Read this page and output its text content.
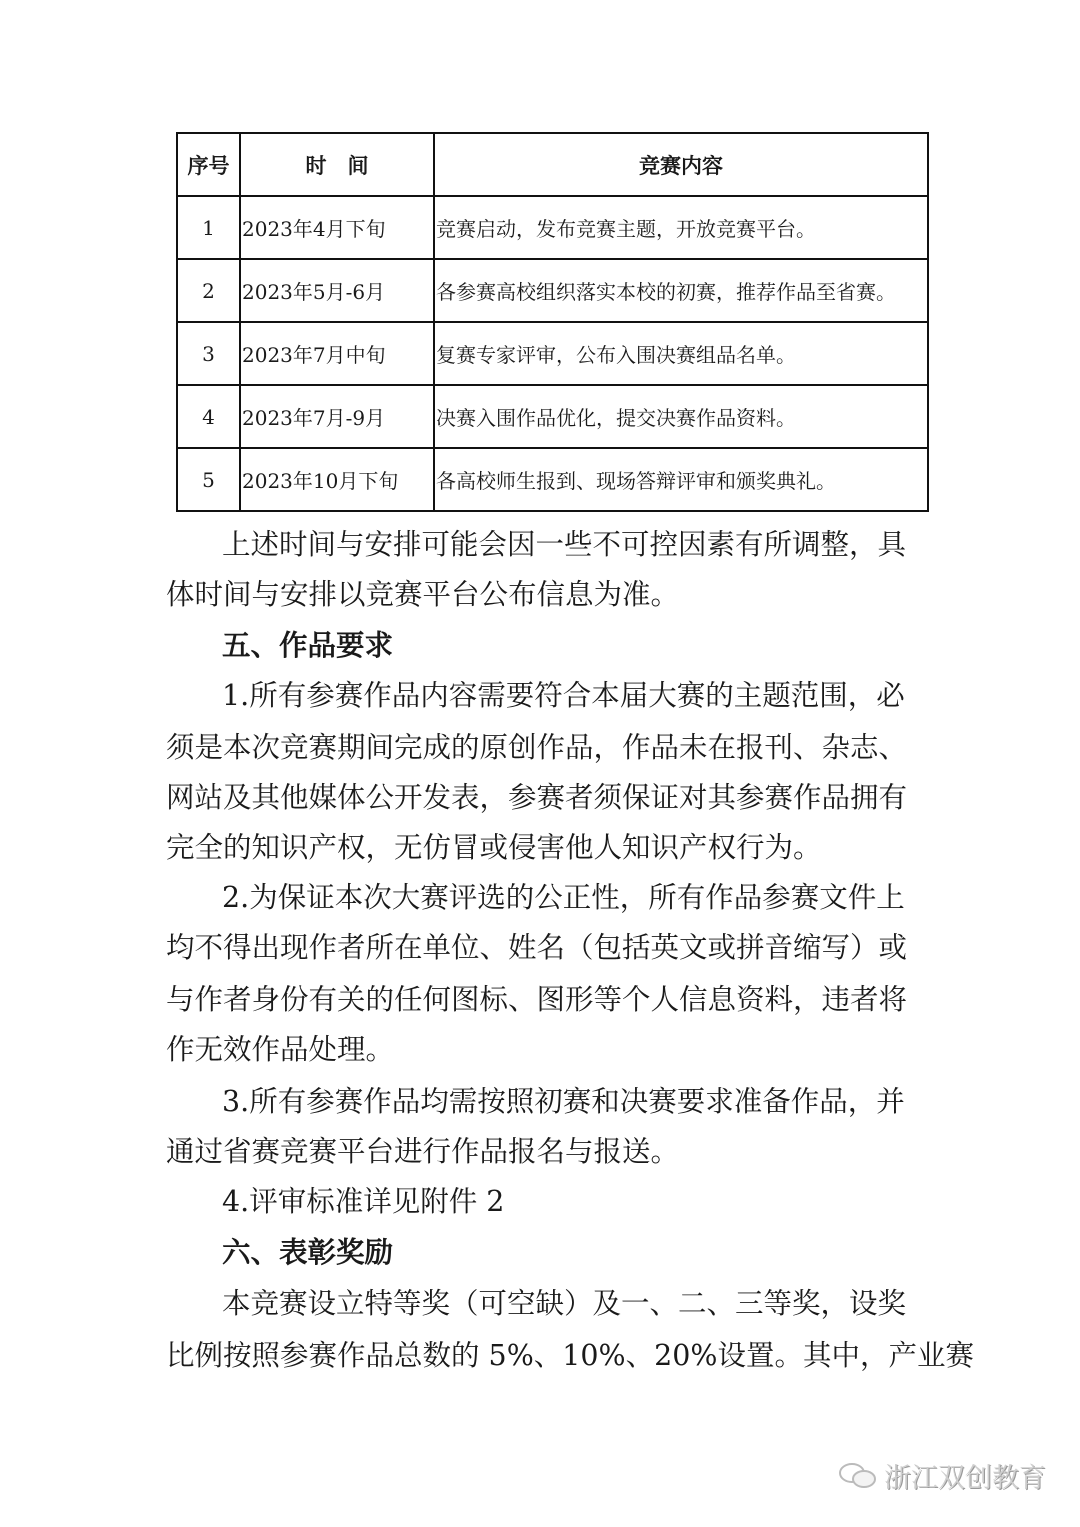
序号	时　间	竞赛内容
1	2023年4月下旬	竞赛启动，发布竞赛主题，开放竞赛平台。
2	2023年5月-6月	各参赛高校组织落实本校的初赛，推荐作品至省赛。
3	2023年7月中旬	复赛专家评审，公布入围决赛组品名单。
4	2023年7月-9月	决赛入围作品优化，提交决赛作品资料。
5	2023年10月下旬	各高校师生报到、现场答辩评审和颁奖典礼。
上述时间与安排可能会因一些不可控因素有所调整，具
体时间与安排以竞赛平台公布信息为准。
五、作品要求
1.所有参赛作品内容需要符合本届大赛的主题范围，必
须是本次竞赛期间完成的原创作品，作品未在报刊、杂志、
网站及其他媒体公开发表，参赛者须保证对其参赛作品拥有
完全的知识产权，无仿冒或侵害他人知识产权行为。
2.为保证本次大赛评选的公正性，所有作品参赛文件上
均不得出现作者所在单位、姓名（包括英文或拼音缩写）或
与作者身份有关的任何图标、图形等个人信息资料，违者将
作无效作品处理。
3.所有参赛作品均需按照初赛和决赛要求准备作品，并
通过省赛竞赛平台进行作品报名与报送。
4.评审标准详见附件 2
六、表彰奖励
本竞赛设立特等奖（可空缺）及一、二、三等奖，设奖
比例按照参赛作品总数的 5%、10%、20%设置。其中，产业赛
浙江双创教育
